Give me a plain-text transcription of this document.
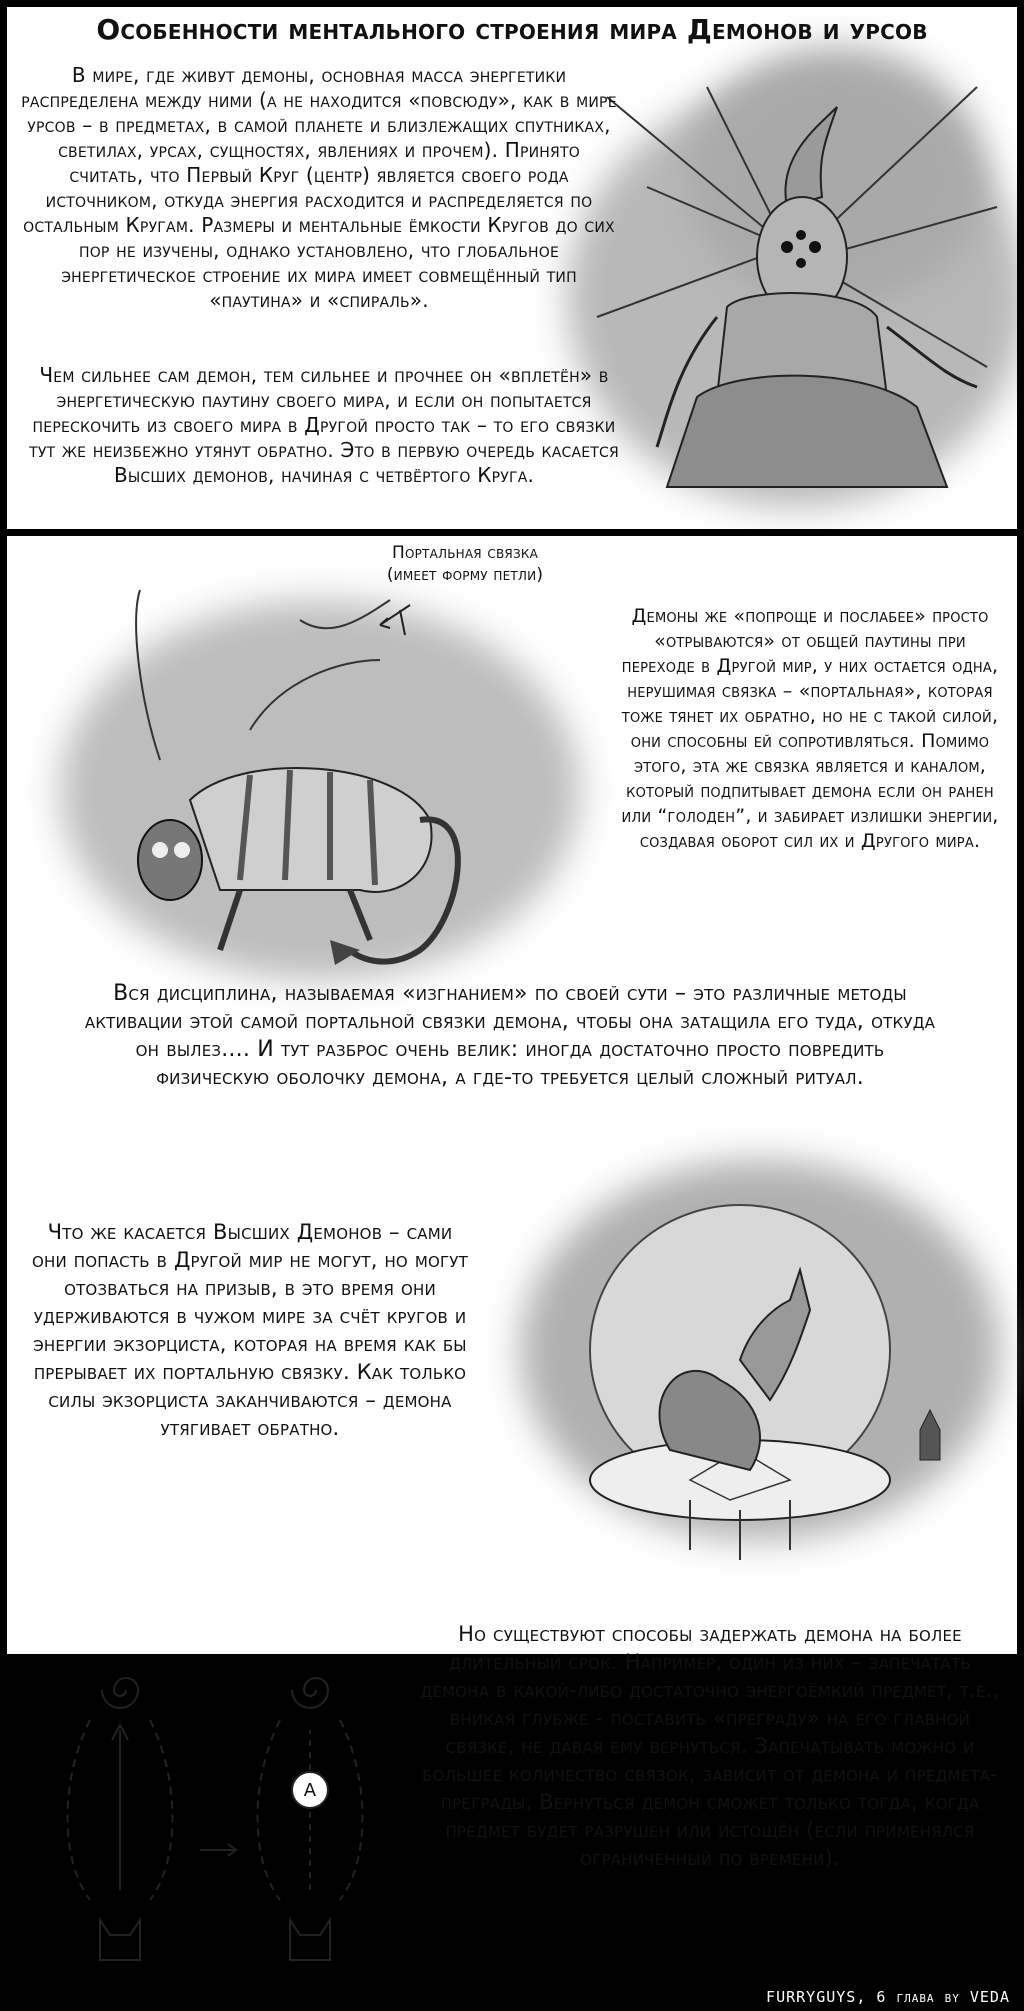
Особенности ментального строения мира Демонов и урсов
В мире, где живут демоны, основная масса энергетики распределена между ними (а не находится «повсюду», как в мире урсов – в предметах, в самой планете и близлежащих спутниках, светилах, урсах, сущностях, явлениях и прочем). Принято считать, что Первый Круг (центр) является своего рода источником, откуда энергия расходится и распределяется по остальным Кругам. Размеры и ментальные ёмкости Кругов до сих пор не изучены, однако установлено, что глобальное энергетическое строение их мира имеет совмещённый тип «паутина» и «спираль».
Чем сильнее сам демон, тем сильнее и прочнее он «вплетён» в энергетическую паутину своего мира, и если он попытается перескочить из своего мира в Другой просто так – то его связки тут же неизбежно утянут обратно. Это в первую очередь касается Высших демонов, начиная с четвёртого Круга.
Портальная связка (имеет форму петли)
Демоны же «попроще и послабее» просто «отрываются» от общей паутины при переходе в Другой мир, у них остается одна, нерушимая связка – «портальная», которая тоже тянет их обратно, но не с такой силой, они способны ей сопротивляться. Помимо этого, эта же связка является и каналом, который подпитывает демона если он ранен или “голоден”, и забирает излишки энергии, создавая оборот сил их и Другого мира.
Вся дисциплина, называемая «изгнанием» по своей сути – это различные методы активации этой самой портальной связки демона, чтобы она затащила его туда, откуда он вылез.... И тут разброс очень велик: иногда достаточно просто повредить физическую оболочку демона, а где-то требуется целый сложный ритуал.
Что же касается Высших Демонов – сами они попасть в Другой мир не могут, но могут отозваться на призыв, в это время они удерживаются в чужом мире за счёт кругов и энергии экзорциста, которая на время как бы прерывает их портальную связку. Как только силы экзорциста заканчиваются – демона утягивает обратно.
А
Но существуют способы задержать демона на более длительный срок. Например, один из них – запечатать демона в какой-либо достаточно энергоёмкий предмет, т.е., вникая глубже - поставить «преграду» на его главной связке, не давая ему вернуться. Запечатывать можно и большее количество связок, зависит от демона и предмета-преграды. Вернуться демон сможет только тогда, когда предмет будет разрушен или истощён (если применялся ограниченный по времени).
FURRYGUYS, 6 глава by VEDA
